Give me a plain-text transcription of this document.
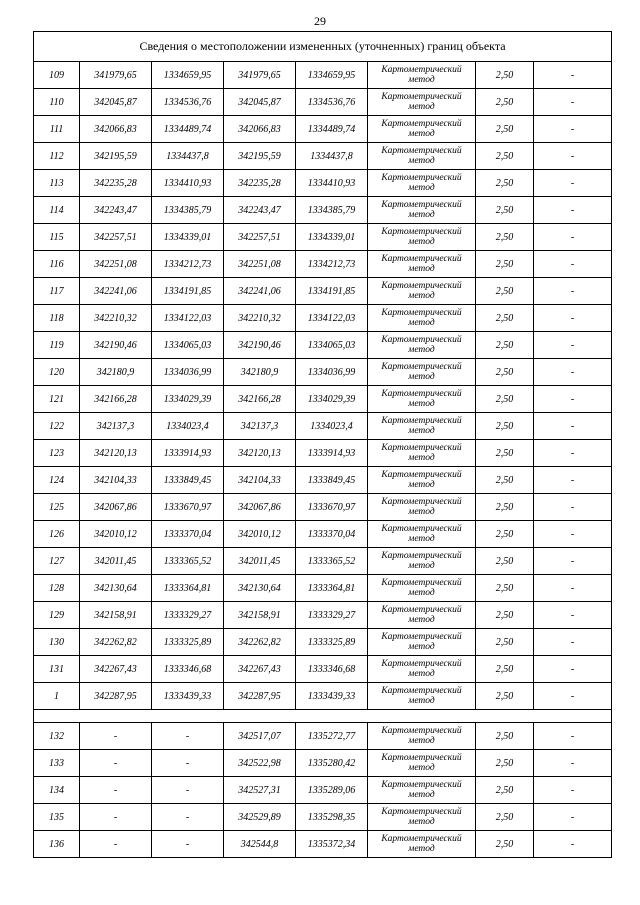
29
Сведения о местоположении измененных (уточненных) границ объекта							
109	341979,65	1334659,95	341979,65	1334659,95	Картометрический метод	2,50	-
110	342045,87	1334536,76	342045,87	1334536,76	Картометрический метод	2,50	-
111	342066,83	1334489,74	342066,83	1334489,74	Картометрический метод	2,50	-
112	342195,59	1334437,8	342195,59	1334437,8	Картометрический метод	2,50	-
113	342235,28	1334410,93	342235,28	1334410,93	Картометрический метод	2,50	-
114	342243,47	1334385,79	342243,47	1334385,79	Картометрический метод	2,50	-
115	342257,51	1334339,01	342257,51	1334339,01	Картометрический метод	2,50	-
116	342251,08	1334212,73	342251,08	1334212,73	Картометрический метод	2,50	-
117	342241,06	1334191,85	342241,06	1334191,85	Картометрический метод	2,50	-
118	342210,32	1334122,03	342210,32	1334122,03	Картометрический метод	2,50	-
119	342190,46	1334065,03	342190,46	1334065,03	Картометрический метод	2,50	-
120	342180,9	1334036,99	342180,9	1334036,99	Картометрический метод	2,50	-
121	342166,28	1334029,39	342166,28	1334029,39	Картометрический метод	2,50	-
122	342137,3	1334023,4	342137,3	1334023,4	Картометрический метод	2,50	-
123	342120,13	1333914,93	342120,13	1333914,93	Картометрический метод	2,50	-
124	342104,33	1333849,45	342104,33	1333849,45	Картометрический метод	2,50	-
125	342067,86	1333670,97	342067,86	1333670,97	Картометрический метод	2,50	-
126	342010,12	1333370,04	342010,12	1333370,04	Картометрический метод	2,50	-
127	342011,45	1333365,52	342011,45	1333365,52	Картометрический метод	2,50	-
128	342130,64	1333364,81	342130,64	1333364,81	Картометрический метод	2,50	-
129	342158,91	1333329,27	342158,91	1333329,27	Картометрический метод	2,50	-
130	342262,82	1333325,89	342262,82	1333325,89	Картометрический метод	2,50	-
131	342267,43	1333346,68	342267,43	1333346,68	Картометрический метод	2,50	-
1	342287,95	1333439,33	342287,95	1333439,33	Картометрический метод	2,50	-

132	-	-	342517,07	1335272,77	Картометрический метод	2,50	-
133	-	-	342522,98	1335280,42	Картометрический метод	2,50	-
134	-	-	342527,31	1335289,06	Картометрический метод	2,50	-
135	-	-	342529,89	1335298,35	Картометрический метод	2,50	-
136	-	-	342544,8	1335372,34	Картометрический метод	2,50	-
